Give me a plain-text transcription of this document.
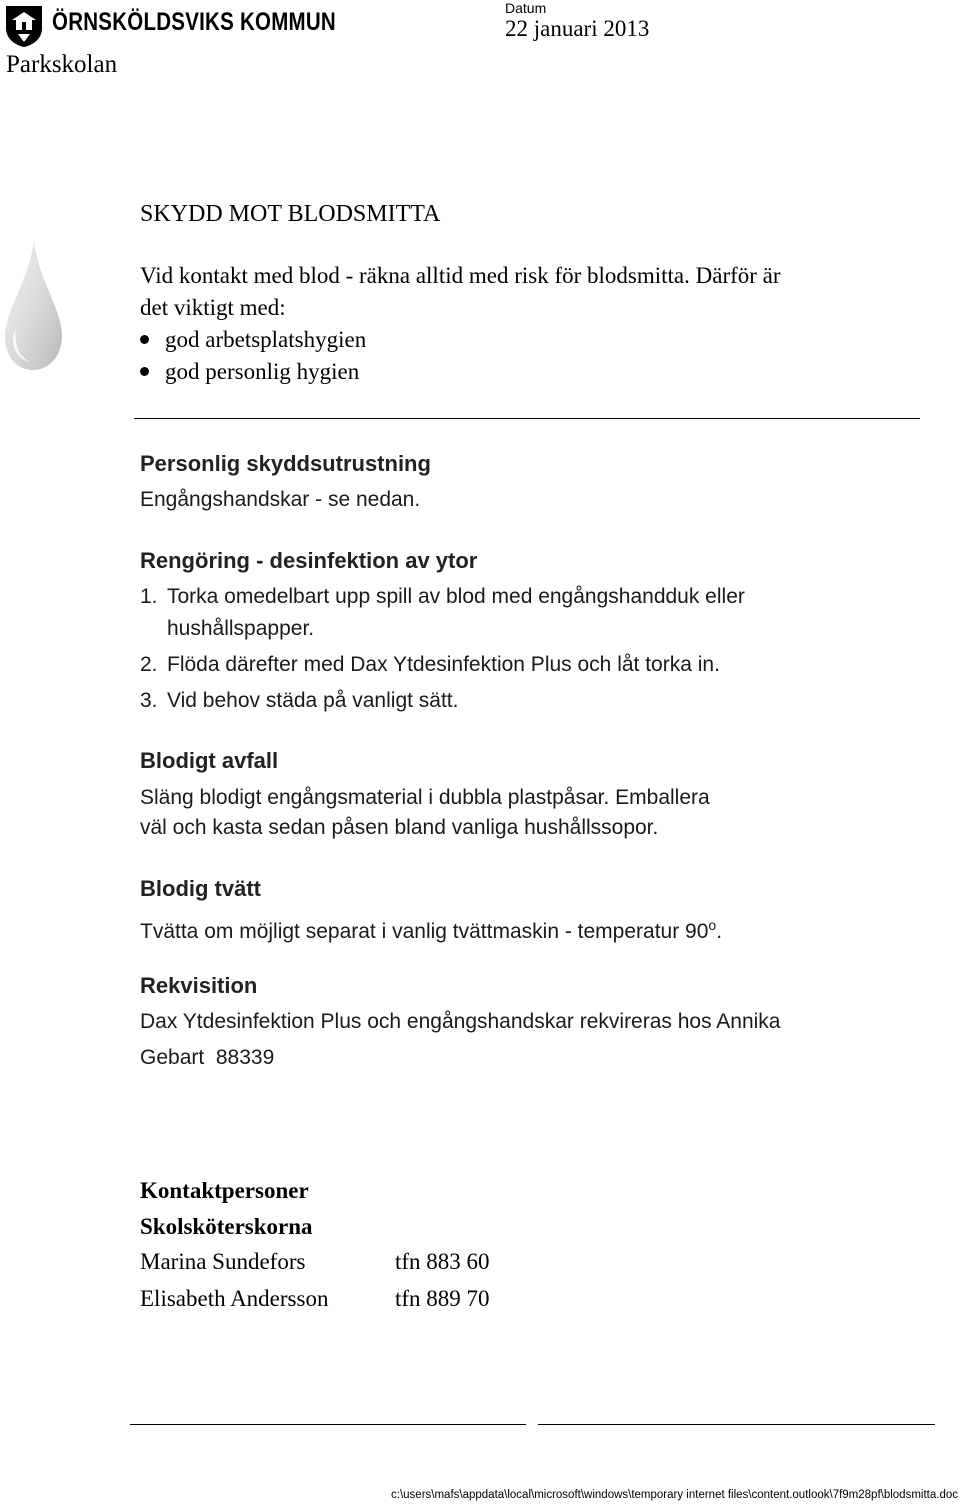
ÖRNSKÖLDSVIKS KOMMUN
Parkskolan
Datum
22 januari 2013
SKYDD MOT BLODSMITTA
Vid kontakt med blod - räkna alltid med risk för blodsmitta. Därför är
det viktigt med:
god arbetsplatshygien
god personlig hygien
Personlig skyddsutrustning
Engångshandskar - se nedan.
Rengöring - desinfektion av ytor
1. Torka omedelbart upp spill av blod med engångshandduk eller
hushållspapper.
2. Flöda därefter med Dax Ytdesinfektion Plus och låt torka in.
3. Vid behov städa på vanligt sätt.
Blodigt avfall
Släng blodigt engångsmaterial i dubbla plastpåsar. Emballera
väl och kasta sedan påsen bland vanliga hushållssopor.
Blodig tvätt
Tvätta om möjligt separat i vanlig tvättmaskin - temperatur 90$^o$.
Rekvisition
Dax Ytdesinfektion Plus och engångshandskar rekvireras hos Annika
Gebart  88339
Kontaktpersoner
Skolsköterskorna
Marina Sundefors	tfn 883 60
Elisabeth Andersson	tfn 889 70
c:\users\mafs\appdata\local\microsoft\windows\temporary internet files\content.outlook\7f9m28pf\blodsmitta.doc
